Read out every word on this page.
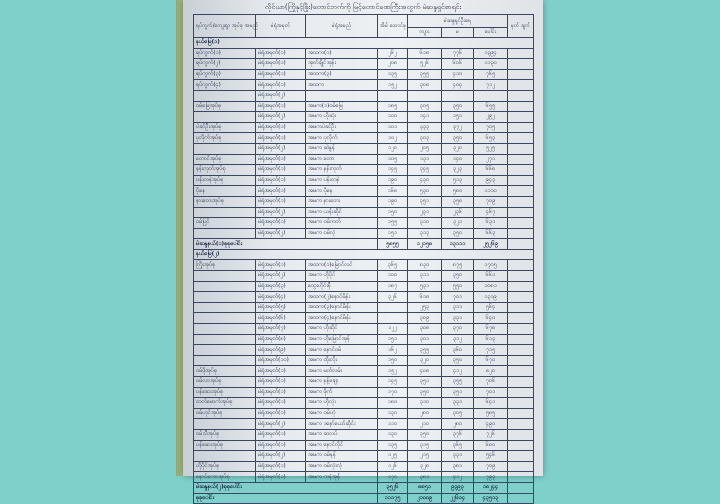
လိုင်ယာ(ကြိုနှင့်ဖြိုး)တောင်ဘက်ကို မြင့်တောင်ခဏကြီးအတွက် မဲဆန္ဒရှင်စာရင်း
ရပ်ကွက်/ကျေးရွာ အုပ်စု အမည်	မဲရုံအမှတ်	မဲရုံအမည်	အိမ် ထောင်စု	မဲဆန္ဒရှင်ဦးရေ			မှတ် ချက်
				ကျား	မ	ပေါင်း	
နယ်မြေ(၁)							
ရပ်ကွက်(၁)	မဲရုံအမှတ်(၁)	အထက(၁)	၂၆၂	၆၁၈	၇၇၆	၁၃၉၄	
ရပ်ကွက်(၂)	မဲရုံအမှတ်(၁)	အုတ်ချိုင်အုန်း	၂၀၈	၅၂၆	၆၀၆	၁၁၃၀	
ရပ်ကွက်(၃)	မဲရုံအမှတ်(၁)	အထက(၃)	၁၃၅	၃၅၅	၄၁၀	၇၆၅	
ရပ်ကွက်(၄)	မဲရုံအမှတ်(၁)	အထက	၁၅၂	၃၀၈	၄၀၄	၇၁၂	
	မဲရုံအမှတ်(၂)						
ဝမ်မြေအုပ်စု	မဲရုံအမှတ်(၁)	အမက(၁)ဝမ်မြေ	၁၈၅	၃၀၅	၃၅၀	၆၅၅	
	မဲရုံအမှတ်(၂)	အမက ဟိုဆုံး	၁၀၀	၁၄၁	၁၅၁	၂၉၂	
ပဲခင်ဦးအုပ်စု	မဲရုံအမှတ်(၁)	အမကပဲခင်ဦး	၁၀၁	၃၃၃	၃၇၂	၇၀၅	
ပုလိုက်အုပ်စု	မဲရုံအမှတ်(၁)	အမက ပုလိုက်	၁၀၂	၃၀၃	၃၅၀	၆၅၃	
	မဲရုံအမှတ်(၂)	အမက ဆဲနွန်	၁၂၀	၂၀၅	၃၂၀	၅၂၅	
တောင်အုပ်စု	မဲရုံအမှတ်(၁)	အမက တော	၁၀၅	၁၃၁	၁၄၀	၂၇၁	
နန်းကုတ်အုပ်စု	မဲရုံအမှတ်(၁)	အမက နန်းကုတ်	၁၄၅	၃၄၅	၃၂၃	၆၆၈	
ပန်းတနဲအုပ်စု	မဲရုံအမှတ်(၁)	အမက ပန်းတနဲ	၁၉၀	၄၃၀	၅၁၃	၉၄၃	
ပိုနေ	မဲရုံအမှတ်(၁)	အမက ပိုနေ	၁၆၈	၅၃၀	၅၈၀	၁၁၁၀	
နားတေးအုပ်စု	မဲရုံအမှတ်(၁)	အမက နားတေး	၁၉၀	၃၅၁	၃၅၈	၇၀၉	
	မဲရုံအမှတ်(၂)	အမက ယန်းဆိုင်	၁၅၀	၂၃၁	၂၃၆	၄၆၇	
ဝမ်ပြင်	မဲရုံအမှတ်(၁)	အမက ဝမ်ကတ်	၁၅၅	၃၁၀	၃၂၁	၆၃၁	
	မဲရုံအမှတ်(၂)	အမက ဝမ်လုံ	၁၅၁	၃၁၃	၃၅၀	၆၆၃	
မဲဆန္ဒနယ်(၁)စုစုပေါင်း			၅၈၅၅	၁၂၁၅၈	၁၃၁၁၁	၂၅၂၆၉	
နယ်မြေ(၂)							
ကြိုးအုပ်စု	မဲရုံအမှတ်(၁)	အထက(၁)မြောင်လင်	၃၆၅	၈၃၀	၈၇၅	၁၇၀၅	
	မဲရုံအမှတ်(၂)	အမက ဟိုပိုင်	၁၀၀	၃၁၁	၃၅၀	၆၆၁	
	မဲရုံအမှတ်(၃)	ထွေးဟိုင်းနီ	၁၈၇	၅၃၁	၅၅၀	၁၀၈၁	
	မဲရုံအမှတ်(၄)	အထက(၂)နောင်မိန်း	၃၂၆	၆၁၈	၇၀၁	၁၃၁၉	
	မဲရုံအမှတ်(၅)	အထက(၃)နောင်မိန်း		၂၅၃	၃၁၁	၅၆၄	
	မဲရုံအမှတ်(၆)	အထက(၄)နောင်မိန်း		၃၀၉	၃၃၁	၆၄၀	
	မဲရုံအမှတ်(၇)	အမက ဟိုဆိုင်	၁၂၂	၃၀၈	၃၇၀	၆၇၈	
	မဲရုံအမှတ်(၈)	အမက ဟိုမြောင်အုန်	၁၅၁	၃၀၁	၃၁၂	၆၁၃	
	မဲရုံအမှတ်(၉)	အမက နောင်ဝမ်	၁၆၂	၃၅၅	၃၆၀	၇၁၅	
	မဲရုံအမှတ်(၁၀)	အမက ထိုးလိုး	၁၅၀	၃၂၀	၃၅၀	၆၇၀	
ဝမ်ဖိုအုပ်စု	မဲရုံအမှတ်(၁)	အမက မတ်လမ်း	၁၅၂	၄၀၈	၄၁၂	၈၂၀	
ဝမ်လာအုပ်စု	မဲရုံအမှတ်(၁)	အမက နန့်ချော	၁၄၅	၃၅၁	၃၅၅	၇၀၆	
ပန်ဆေးအုပ်စု	မဲရုံအမှတ်(၁)	အမက ဖိုက်	၁၇၀	၃၅၀	၃၅၁	၇၀၁	
တတ်မောက်အုပ်စု	မဲရုံအမှတ်(၁)	အမက ဟိုလုံး	၁၈၀	၃၁၀	၃၃၁	၆၄၁	
ဝမ်ဟုင်အုပ်စု	မဲရုံအမှတ်(၁)	အမက ဝမ်ဟုံ	၁၃၀	၂၈၀	၃၀၅	၅၈၅	
	မဲရုံအမှတ်(၂)	အမက ဒနော်ယော်ဆိုင်း	၁၁၀	၂၁၀	၂၈၀	၄၉၀	
ဝမ်သီအုပ်စု	မဲရုံအမှတ်(၁)	အမက ဆလပ်	၁၃၀	၃၅၀	၃၇၆	၇၂၆	
ပန်ဆေးအုပ်စု	မဲရုံအမှတ်(၁)	အမက နောင်လိုင်	၁၃၅	၃၁၅	၃၆၅	၆၈၀	
	မဲရုံအမှတ်(၂)	အမက ဝမ်နန်	၁၂၅	၂၁၅	၃၃၁	၅၄၆	
ဟိုပိုင်အုပ်စု	မဲရုံအမှတ်(၁)	အမက ဝမ်လုံးလုံ	၁၂၆	၃၂၈	၃၈၁	၇၀၉	
နောင်ကောအုပ်စု	မဲရုံအမှတ်(၁)	အမက ကနံအုန်	၁၇၀	၃၈၁	၄၁၂	၇၉၃	
မဲဆန္ဒနယ်(၂)စုစုပေါင်း			၃၅၂၆	၈၈၅၁	၉၃၉၃	၁၈၂၄၄	
စုစုပေါင်း			၁၁၁၇၅	၂၁၀၀၉	၂၂၆၀၄	၄၃၅၁၃	
